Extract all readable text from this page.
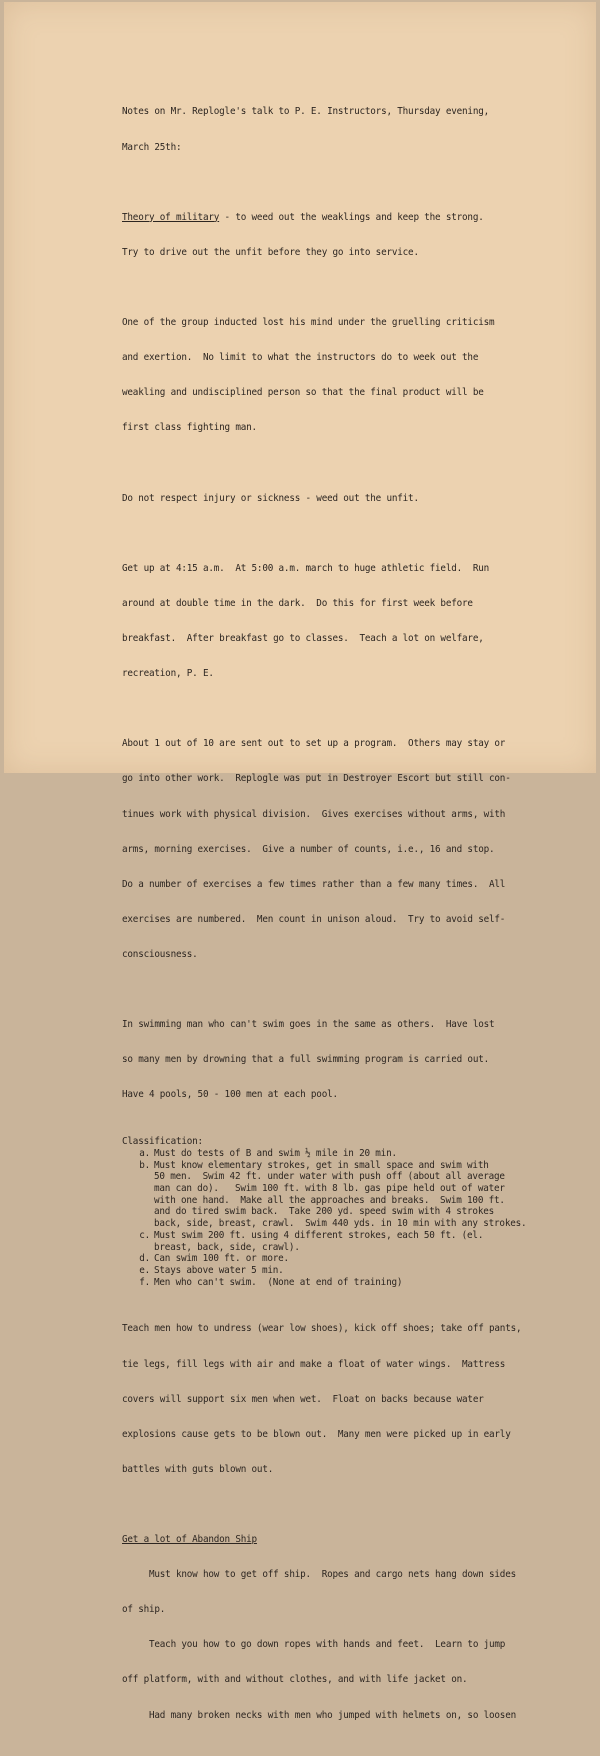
Notes on Mr. Replogle's talk to P. E. Instructors, Thursday evening,

March 25th:

Theory of military - to weed out the weaklings and keep the strong.

Try to drive out the unfit before they go into service.

One of the group inducted lost his mind under the gruelling criticism

and exertion.  No limit to what the instructors do to week out the

weakling and undisciplined person so that the final product will be

first class fighting man.

Do not respect injury or sickness - weed out the unfit.

Get up at 4:15 a.m.  At 5:00 a.m. march to huge athletic field.  Run

around at double time in the dark.  Do this for first week before

breakfast.  After breakfast go to classes.  Teach a lot on welfare,

recreation, P. E.

About 1 out of 10 are sent out to set up a program.  Others may stay or

go into other work.  Replogle was put in Destroyer Escort but still con-

tinues work with physical division.  Gives exercises without arms, with

arms, morning exercises.  Give a number of counts, i.e., 16 and stop.

Do a number of exercises a few times rather than a few many times.  All

exercises are numbered.  Men count in unison aloud.  Try to avoid self-

consciousness.

In swimming man who can't swim goes in the same as others.  Have lost

so many men by drowning that a full swimming program is carried out.

Have 4 pools, 50 - 100 men at each pool.

Classification:
a. Must do tests of B and swim ½ mile in 20 min.
b. Must know elementary strokes, get in small space and swim with
50 men.  Swim 42 ft. under water with push off (about all average
man can do).   Swim 100 ft. with 8 lb. gas pipe held out of water
with one hand.  Make all the approaches and breaks.  Swim 100 ft.
and do tired swim back.  Take 200 yd. speed swim with 4 strokes
back, side, breast, crawl.  Swim 440 yds. in 10 min with any strokes.
c. Must swim 200 ft. using 4 different strokes, each 50 ft. (el.
breast, back, side, crawl).
d. Can swim 100 ft. or more.
e. Stays above water 5 min.
f. Men who can't swim.  (None at end of training)

Teach men how to undress (wear low shoes), kick off shoes; take off pants,

tie legs, fill legs with air and make a float of water wings.  Mattress

covers will support six men when wet.  Float on backs because water

explosions cause gets to be blown out.  Many men were picked up in early

battles with guts blown out.

Get a lot of Abandon Ship

Must know how to get off ship.  Ropes and cargo nets hang down sides

of ship.

Teach you how to go down ropes with hands and feet.  Learn to jump

off platform, with and without clothes, and with life jacket on.

Had many broken necks with men who jumped with helmets on, so loosen
